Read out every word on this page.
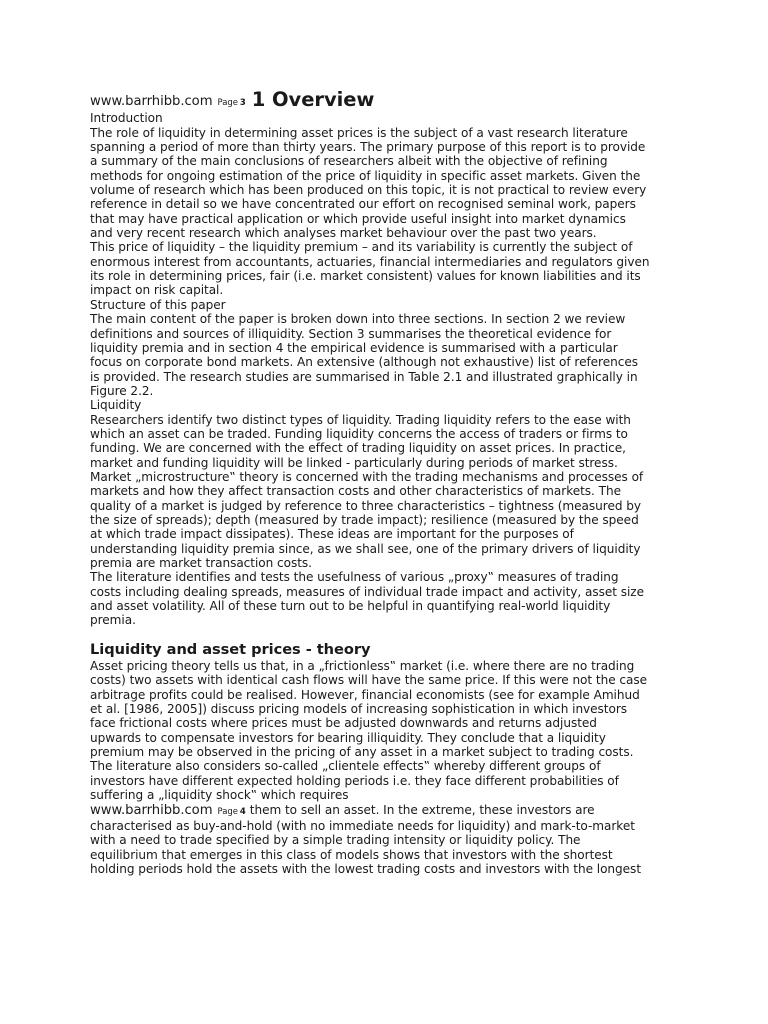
www.barrhibb.com Page 3 1 Overview

Introduction

The role of liquidity in determining asset prices is the subject of a vast research literature

spanning a period of more than thirty years. The primary purpose of this report is to provide

a summary of the main conclusions of researchers albeit with the objective of refining

methods for ongoing estimation of the price of liquidity in specific asset markets. Given the

volume of research which has been produced on this topic, it is not practical to review every

reference in detail so we have concentrated our effort on recognised seminal work, papers

that may have practical application or which provide useful insight into market dynamics

and very recent research which analyses market behaviour over the past two years.

This price of liquidity – the liquidity premium – and its variability is currently the subject of

enormous interest from accountants, actuaries, financial intermediaries and regulators given

its role in determining prices, fair (i.e. market consistent) values for known liabilities and its

impact on risk capital.

Structure of this paper

The main content of the paper is broken down into three sections. In section 2 we review

definitions and sources of illiquidity. Section 3 summarises the theoretical evidence for

liquidity premia and in section 4 the empirical evidence is summarised with a particular

focus on corporate bond markets. An extensive (although not exhaustive) list of references

is provided. The research studies are summarised in Table 2.1 and illustrated graphically in

Figure 2.2.

Liquidity

Researchers identify two distinct types of liquidity. Trading liquidity refers to the ease with

which an asset can be traded. Funding liquidity concerns the access of traders or firms to

funding. We are concerned with the effect of trading liquidity on asset prices. In practice,

market and funding liquidity will be linked - particularly during periods of market stress.

Market „microstructure‟ theory is concerned with the trading mechanisms and processes of

markets and how they affect transaction costs and other characteristics of markets. The

quality of a market is judged by reference to three characteristics – tightness (measured by

the size of spreads); depth (measured by trade impact); resilience (measured by the speed

at which trade impact dissipates). These ideas are important for the purposes of

understanding liquidity premia since, as we shall see, one of the primary drivers of liquidity

premia are market transaction costs.

The literature identifies and tests the usefulness of various „proxy‟ measures of trading

costs including dealing spreads, measures of individual trade impact and activity, asset size

and asset volatility. All of these turn out to be helpful in quantifying real-world liquidity

premia.

Liquidity and asset prices - theory

Asset pricing theory tells us that, in a „frictionless‟ market (i.e. where there are no trading

costs) two assets with identical cash flows will have the same price. If this were not the case

arbitrage profits could be realised. However, financial economists (see for example Amihud

et al. [1986, 2005]) discuss pricing models of increasing sophistication in which investors

face frictional costs where prices must be adjusted downwards and returns adjusted

upwards to compensate investors for bearing illiquidity. They conclude that a liquidity

premium may be observed in the pricing of any asset in a market subject to trading costs.

The literature also considers so-called „clientele effects‟ whereby different groups of

investors have different expected holding periods i.e. they face different probabilities of

suffering a „liquidity shock‟ which requires

www.barrhibb.com Page 4 them to sell an asset. In the extreme, these investors are

characterised as buy-and-hold (with no immediate needs for liquidity) and mark-to-market

with a need to trade specified by a simple trading intensity or liquidity policy. The

equilibrium that emerges in this class of models shows that investors with the shortest

holding periods hold the assets with the lowest trading costs and investors with the longest
